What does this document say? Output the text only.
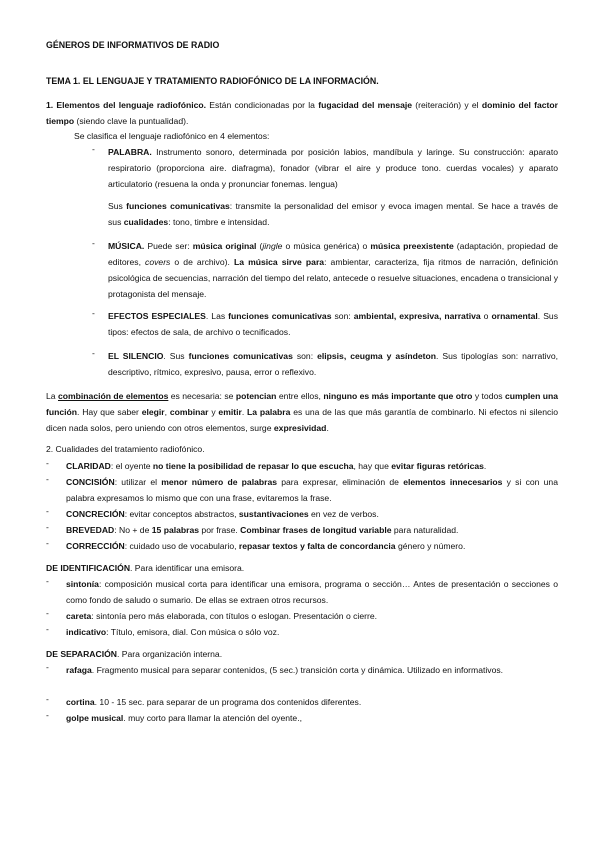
GÉNEROS DE INFORMATIVOS DE RADIO
TEMA 1. EL LENGUAJE Y TRATAMIENTO RADIOFÓNICO DE LA INFORMACIÓN.
1. Elementos del lenguaje radiofónico. Están condicionadas por la fugacidad del mensaje (reiteración) y el dominio del factor tiempo (siendo clave la puntualidad).
Se clasifica el lenguaje radiofónico en 4 elementos:
- PALABRA. Instrumento sonoro, determinada por posición labios, mandíbula y laringe. Su construcción: aparato respiratorio (proporciona aire. diafragma), fonador (vibrar el aire y produce tono. cuerdas vocales) y aparato articulatorio (resuena la onda y pronunciar fonemas. lengua)
Sus funciones comunicativas: transmite la personalidad del emisor y evoca imagen mental. Se hace a través de sus cualidades: tono, timbre e intensidad.
- MÚSICA. Puede ser: música original (jingle o música genérica) o música preexistente (adaptación, propiedad de editores, covers o de archivo). La música sirve para: ambientar, caracteriza, fija ritmos de narración, definición psicológica de secuencias, narración del tiempo del relato, antecede o resuelve situaciones, encadena o transicional y protagonista del mensaje.
- EFECTOS ESPECIALES. Las funciones comunicativas son: ambiental, expresiva, narrativa o ornamental. Sus tipos: efectos de sala, de archivo o tecnificados.
- EL SILENCIO. Sus funciones comunicativas son: elipsis, ceugma y asíndeton. Sus tipologías son: narrativo, descriptivo, rítmico, expresivo, pausa, error o reflexivo.
La combinación de elementos es necesaria: se potencian entre ellos, ninguno es más importante que otro y todos cumplen una función. Hay que saber elegir, combinar y emitir. La palabra es una de las que más garantía de combinarlo. Ni efectos ni silencio dicen nada solos, pero uniendo con otros elementos, surge expresividad.
2. Cualidades del tratamiento radiofónico.
- CLARIDAD: el oyente no tiene la posibilidad de repasar lo que escucha, hay que evitar figuras retóricas.
- CONCISIÓN: utilizar el menor número de palabras para expresar, eliminación de elementos innecesarios y si con una palabra expresamos lo mismo que con una frase, evitaremos la frase.
- CONCRECIÓN: evitar conceptos abstractos, sustantivaciones en vez de verbos.
- BREVEDAD: No + de 15 palabras por frase. Combinar frases de longitud variable para naturalidad.
- CORRECCIÓN: cuidado uso de vocabulario, repasar textos y falta de concordancia género y número.
DE IDENTIFICACIÓN. Para identificar una emisora.
- sintonía: composición musical corta para identificar una emisora, programa o sección… Antes de presentación o secciones o como fondo de saludo o sumario. De ellas se extraen otros recursos.
- careta: sintonía pero más elaborada, con títulos o eslogan. Presentación o cierre.
- indicativo: Título, emisora, dial. Con música o sólo voz.
DE SEPARACIÓN. Para organización interna.
- rafaga. Fragmento musical para separar contenidos, (5 sec.) transición corta y dinámica. Utilizado en informativos.
- cortina. 10 - 15 sec. para separar de un programa dos contenidos diferentes.
- golpe musical. muy corto para llamar la atención del oyente.,
